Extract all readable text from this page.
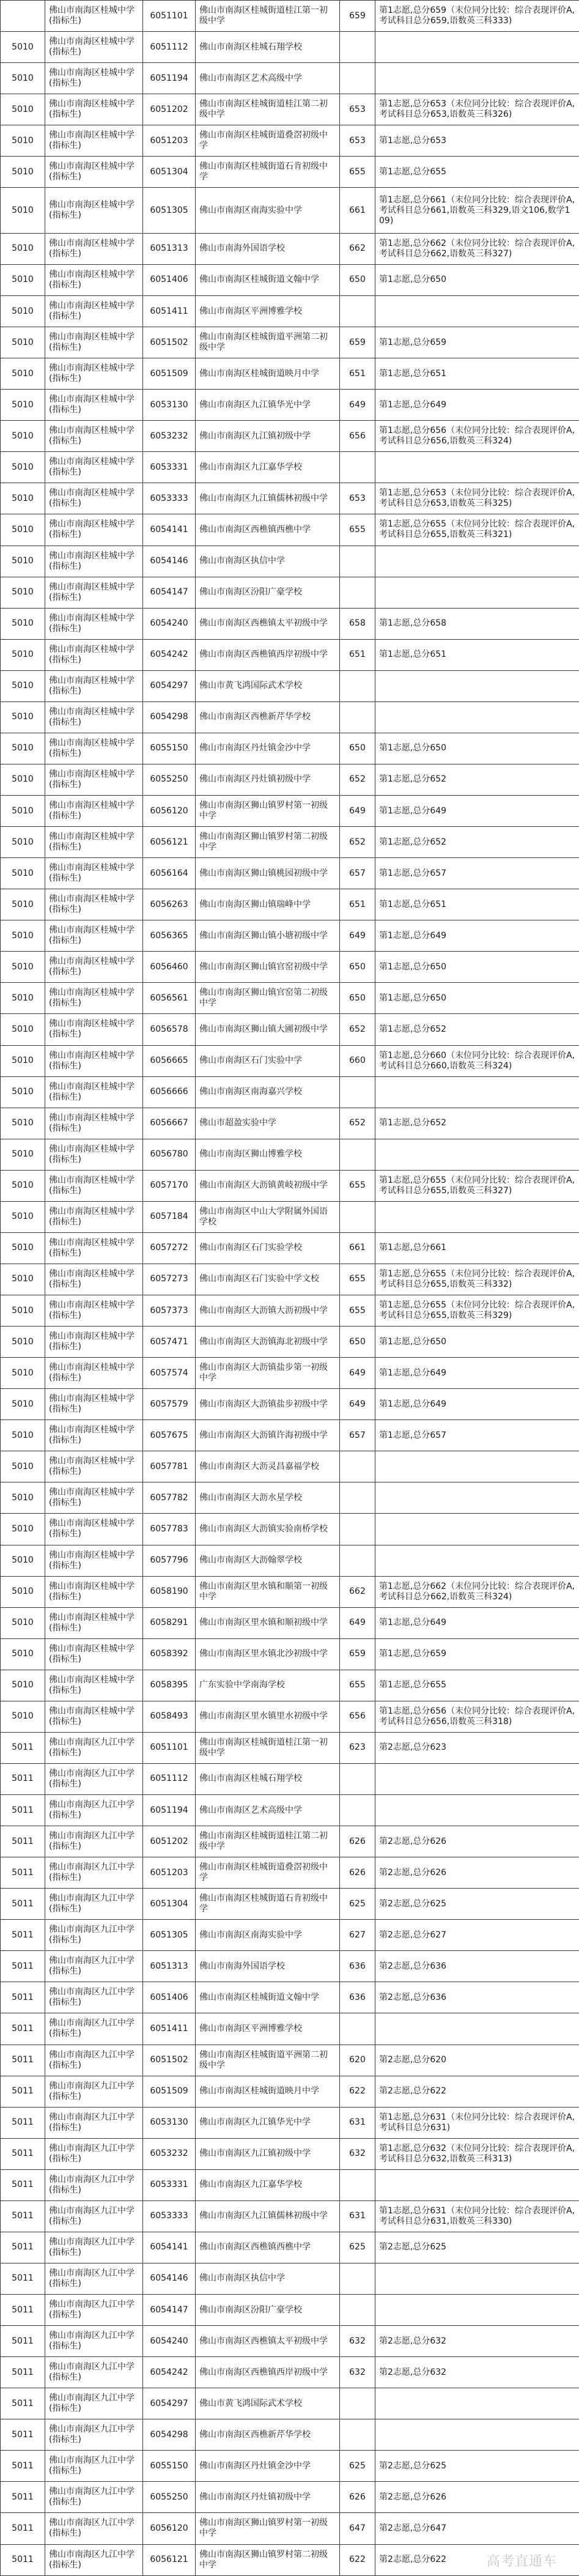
	佛山市南海区桂城中学(指标生)	6051101	佛山市南海区桂城街道桂江第一初级中学	659	第1志愿,总分659（末位同分比较：综合表现评价A,考试科目总分659,语数英三科333)
5010	佛山市南海区桂城中学(指标生)	6051112	佛山市南海区桂城石翔学校		
5010	佛山市南海区桂城中学(指标生)	6051194	佛山市南海区艺术高级中学		
5010	佛山市南海区桂城中学(指标生)	6051202	佛山市南海区桂城街道桂江第二初级中学	653	第1志愿,总分653（末位同分比较：综合表现评价A,考试科目总分653,语数英三科326)
5010	佛山市南海区桂城中学(指标生)	6051203	佛山市南海区桂城街道叠滘初级中学	653	第1志愿,总分653
5010	佛山市南海区桂城中学(指标生)	6051304	佛山市南海区桂城街道石肯初级中学	655	第1志愿,总分655
5010	佛山市南海区桂城中学(指标生)	6051305	佛山市南海区南海实验中学	661	第1志愿,总分661（末位同分比较：综合表现评价A,考试科目总分661,语数英三科329,语文106,数学109)
5010	佛山市南海区桂城中学(指标生)	6051313	佛山市南海外国语学校	662	第1志愿,总分662（末位同分比较：综合表现评价A,考试科目总分662,语数英三科327)
5010	佛山市南海区桂城中学(指标生)	6051406	佛山市南海区桂城街道文翰中学	650	第1志愿,总分650
5010	佛山市南海区桂城中学(指标生)	6051411	佛山市南海区平洲博雅学校		
5010	佛山市南海区桂城中学(指标生)	6051502	佛山市南海区桂城街道平洲第二初级中学	659	第1志愿,总分659
5010	佛山市南海区桂城中学(指标生)	6051509	佛山市南海区桂城街道映月中学	651	第1志愿,总分651
5010	佛山市南海区桂城中学(指标生)	6053130	佛山市南海区九江镇华光中学	649	第1志愿,总分649
5010	佛山市南海区桂城中学(指标生)	6053232	佛山市南海区九江镇初级中学	656	第1志愿,总分656（末位同分比较：综合表现评价A,考试科目总分656,语数英三科324)
5010	佛山市南海区桂城中学(指标生)	6053331	佛山市南海区九江嘉华学校		
5010	佛山市南海区桂城中学(指标生)	6053333	佛山市南海区九江镇儒林初级中学	653	第1志愿,总分653（末位同分比较：综合表现评价A,考试科目总分653,语数英三科325)
5010	佛山市南海区桂城中学(指标生)	6054141	佛山市南海区西樵镇西樵中学	655	第1志愿,总分655（末位同分比较：综合表现评价A,考试科目总分655,语数英三科321)
5010	佛山市南海区桂城中学(指标生)	6054146	佛山市南海区执信中学		
5010	佛山市南海区桂城中学(指标生)	6054147	佛山市南海区汾阳广豪学校		
5010	佛山市南海区桂城中学(指标生)	6054240	佛山市南海区西樵镇太平初级中学	658	第1志愿,总分658
5010	佛山市南海区桂城中学(指标生)	6054242	佛山市南海区西樵镇西岸初级中学	651	第1志愿,总分651
5010	佛山市南海区桂城中学(指标生)	6054297	佛山市黄飞鸿国际武术学校		
5010	佛山市南海区桂城中学(指标生)	6054298	佛山市南海区西樵新芹华学校		
5010	佛山市南海区桂城中学(指标生)	6055150	佛山市南海区丹灶镇金沙中学	650	第1志愿,总分650
5010	佛山市南海区桂城中学(指标生)	6055250	佛山市南海区丹灶镇初级中学	652	第1志愿,总分652
5010	佛山市南海区桂城中学(指标生)	6056120	佛山市南海区狮山镇罗村第一初级中学	649	第1志愿,总分649
5010	佛山市南海区桂城中学(指标生)	6056121	佛山市南海区狮山镇罗村第二初级中学	652	第1志愿,总分652
5010	佛山市南海区桂城中学(指标生)	6056164	佛山市南海区狮山镇桃园初级中学	657	第1志愿,总分657
5010	佛山市南海区桂城中学(指标生)	6056263	佛山市南海区狮山镇瑞峰中学	651	第1志愿,总分651
5010	佛山市南海区桂城中学(指标生)	6056365	佛山市南海区狮山镇小塘初级中学	649	第1志愿,总分649
5010	佛山市南海区桂城中学(指标生)	6056460	佛山市南海区狮山镇官窑初级中学	650	第1志愿,总分650
5010	佛山市南海区桂城中学(指标生)	6056561	佛山市南海区狮山镇官窑第二初级中学	650	第1志愿,总分650
5010	佛山市南海区桂城中学(指标生)	6056578	佛山市南海区狮山镇大圃初级中学	652	第1志愿,总分652
5010	佛山市南海区桂城中学(指标生)	6056665	佛山市南海区石门实验中学	660	第1志愿,总分660（末位同分比较：综合表现评价A,考试科目总分660,语数英三科324)
5010	佛山市南海区桂城中学(指标生)	6056666	佛山市南海区南海嘉兴学校		
5010	佛山市南海区桂城中学(指标生)	6056667	佛山市超盈实验中学	652	第1志愿,总分652
5010	佛山市南海区桂城中学(指标生)	6056780	佛山市南海区狮山博雅学校		
5010	佛山市南海区桂城中学(指标生)	6057170	佛山市南海区大沥镇黄岐初级中学	655	第1志愿,总分655（末位同分比较：综合表现评价A,考试科目总分655,语数英三科327)
5010	佛山市南海区桂城中学(指标生)	6057184	佛山市南海区中山大学附属外国语学校		
5010	佛山市南海区桂城中学(指标生)	6057272	佛山市南海区石门实验学校	661	第1志愿,总分661
5010	佛山市南海区桂城中学(指标生)	6057273	佛山市南海区石门实验中学文校	655	第1志愿,总分655（末位同分比较：综合表现评价A,考试科目总分655,语数英三科332)
5010	佛山市南海区桂城中学(指标生)	6057373	佛山市南海区大沥镇大沥初级中学	655	第1志愿,总分655（末位同分比较：综合表现评价A,考试科目总分655,语数英三科329)
5010	佛山市南海区桂城中学(指标生)	6057471	佛山市南海区大沥镇海北初级中学	650	第1志愿,总分650
5010	佛山市南海区桂城中学(指标生)	6057574	佛山市南海区大沥镇盐步第一初级中学	649	第1志愿,总分649
5010	佛山市南海区桂城中学(指标生)	6057579	佛山市南海区大沥镇盐步初级中学	649	第1志愿,总分649
5010	佛山市南海区桂城中学(指标生)	6057675	佛山市南海区大沥镇许海初级中学	657	第1志愿,总分657
5010	佛山市南海区桂城中学(指标生)	6057781	佛山市南海区大沥灵昌嘉福学校		
5010	佛山市南海区桂城中学(指标生)	6057782	佛山市南海区大沥水星学校		
5010	佛山市南海区桂城中学(指标生)	6057783	佛山市南海区大沥镇实验南桥学校		
5010	佛山市南海区桂城中学(指标生)	6057796	佛山市南海区大沥翰翠学校		
5010	佛山市南海区桂城中学(指标生)	6058190	佛山市南海区里水镇和顺第一初级中学	662	第1志愿,总分662（末位同分比较：综合表现评价A,考试科目总分662,语数英三科324)
5010	佛山市南海区桂城中学(指标生)	6058291	佛山市南海区里水镇和顺初级中学	649	第1志愿,总分649
5010	佛山市南海区桂城中学(指标生)	6058392	佛山市南海区里水镇北沙初级中学	659	第1志愿,总分659
5010	佛山市南海区桂城中学(指标生)	6058395	广东实验中学南海学校	655	第1志愿,总分655
5010	佛山市南海区桂城中学(指标生)	6058493	佛山市南海区里水镇里水初级中学	656	第1志愿,总分656（末位同分比较：综合表现评价A,考试科目总分656,语数英三科318)
5011	佛山市南海区九江中学(指标生)	6051101	佛山市南海区桂城街道桂江第一初级中学	623	第2志愿,总分623
5011	佛山市南海区九江中学(指标生)	6051112	佛山市南海区桂城石翔学校		
5011	佛山市南海区九江中学(指标生)	6051194	佛山市南海区艺术高级中学		
5011	佛山市南海区九江中学(指标生)	6051202	佛山市南海区桂城街道桂江第二初级中学	626	第2志愿,总分626
5011	佛山市南海区九江中学(指标生)	6051203	佛山市南海区桂城街道叠滘初级中学	626	第2志愿,总分626
5011	佛山市南海区九江中学(指标生)	6051304	佛山市南海区桂城街道石肯初级中学	625	第2志愿,总分625
5011	佛山市南海区九江中学(指标生)	6051305	佛山市南海区南海实验中学	627	第2志愿,总分627
5011	佛山市南海区九江中学(指标生)	6051313	佛山市南海外国语学校	636	第2志愿,总分636
5011	佛山市南海区九江中学(指标生)	6051406	佛山市南海区桂城街道文翰中学	636	第2志愿,总分636
5011	佛山市南海区九江中学(指标生)	6051411	佛山市南海区平洲博雅学校		
5011	佛山市南海区九江中学(指标生)	6051502	佛山市南海区桂城街道平洲第二初级中学	620	第2志愿,总分620
5011	佛山市南海区九江中学(指标生)	6051509	佛山市南海区桂城街道映月中学	622	第2志愿,总分622
5011	佛山市南海区九江中学(指标生)	6053130	佛山市南海区九江镇华光中学	631	第1志愿,总分631（末位同分比较：综合表现评价A,考试科目总分631)
5011	佛山市南海区九江中学(指标生)	6053232	佛山市南海区九江镇初级中学	632	第1志愿,总分632（末位同分比较：综合表现评价A,考试科目总分632,语数英三科313)
5011	佛山市南海区九江中学(指标生)	6053331	佛山市南海区九江嘉华学校		
5011	佛山市南海区九江中学(指标生)	6053333	佛山市南海区九江镇儒林初级中学	631	第1志愿,总分631（末位同分比较：综合表现评价A,考试科目总分631,语数英三科330)
5011	佛山市南海区九江中学(指标生)	6054141	佛山市南海区西樵镇西樵中学	625	第2志愿,总分625
5011	佛山市南海区九江中学(指标生)	6054146	佛山市南海区执信中学		
5011	佛山市南海区九江中学(指标生)	6054147	佛山市南海区汾阳广豪学校		
5011	佛山市南海区九江中学(指标生)	6054240	佛山市南海区西樵镇太平初级中学	632	第2志愿,总分632
5011	佛山市南海区九江中学(指标生)	6054242	佛山市南海区西樵镇西岸初级中学	632	第2志愿,总分632
5011	佛山市南海区九江中学(指标生)	6054297	佛山市黄飞鸿国际武术学校		
5011	佛山市南海区九江中学(指标生)	6054298	佛山市南海区西樵新芹华学校		
5011	佛山市南海区九江中学(指标生)	6055150	佛山市南海区丹灶镇金沙中学	625	第2志愿,总分625
5011	佛山市南海区九江中学(指标生)	6055250	佛山市南海区丹灶镇初级中学	626	第2志愿,总分626
5011	佛山市南海区九江中学(指标生)	6056120	佛山市南海区狮山镇罗村第一初级中学	647	第2志愿,总分647
5011	佛山市南海区九江中学(指标生)	6056121	佛山市南海区狮山镇罗村第二初级中学	622	第2志愿,总分622	高考直通车
